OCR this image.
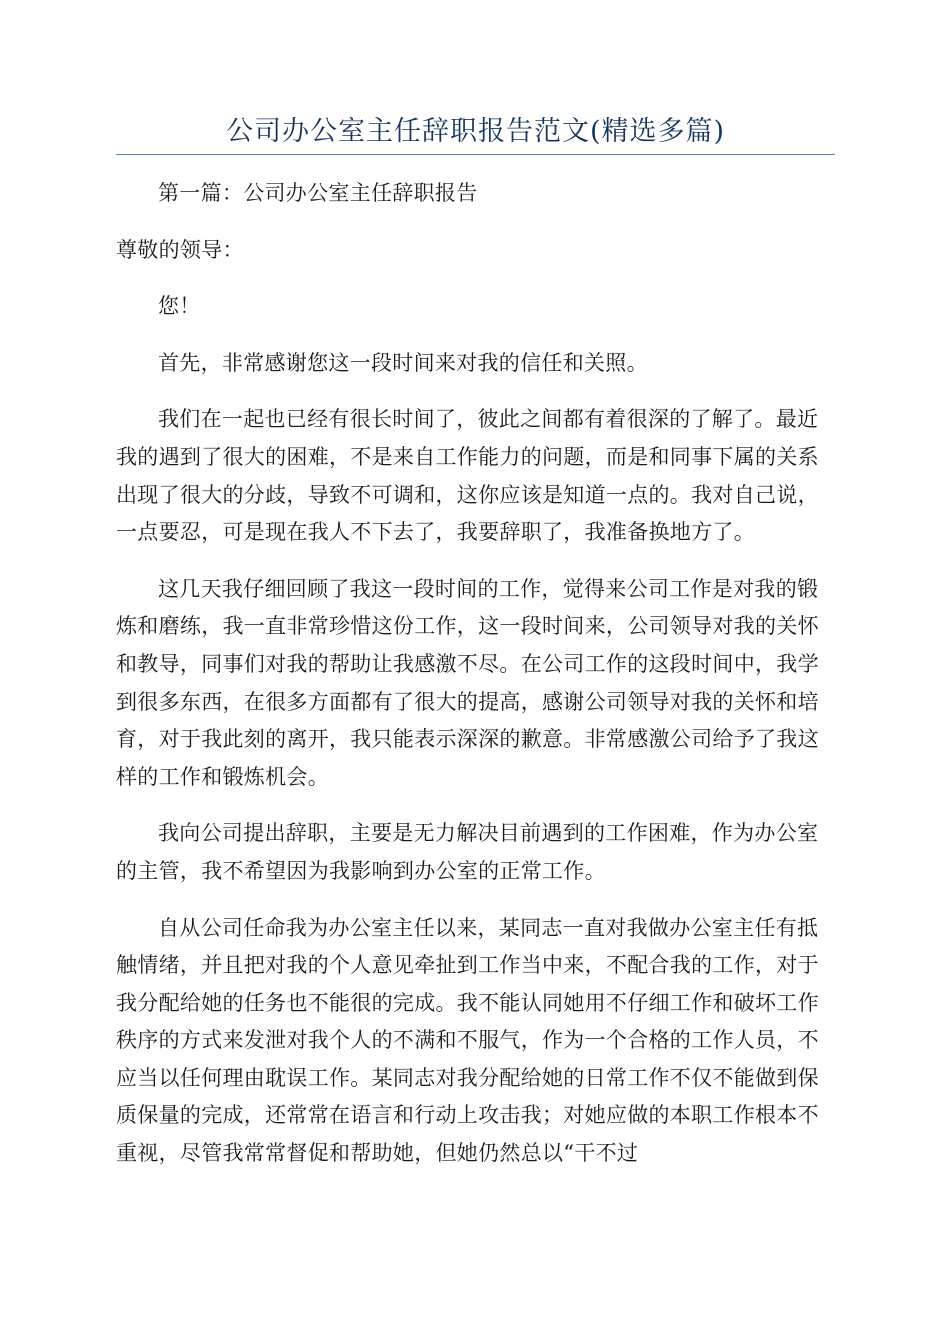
公司办公室主任辞职报告范文(精选多篇)

第一篇：公司办公室主任辞职报告

尊敬的领导：

您！

首先，非常感谢您这一段时间来对我的信任和关照。

我们在一起也已经有很长时间了，彼此之间都有着很深的了解了。最近我的遇到了很大的困难，不是来自工作能力的问题，而是和同事下属的关系出现了很大的分歧，导致不可调和，这你应该是知道一点的。我对自己说，一点要忍，可是现在我人不下去了，我要辞职了，我准备换地方了。

这几天我仔细回顾了我这一段时间的工作，觉得来公司工作是对我的锻炼和磨练，我一直非常珍惜这份工作，这一段时间来，公司领导对我的关怀和教导，同事们对我的帮助让我感激不尽。在公司工作的这段时间中，我学到很多东西，在很多方面都有了很大的提高，感谢公司领导对我的关怀和培育，对于我此刻的离开，我只能表示深深的歉意。非常感激公司给予了我这样的工作和锻炼机会。

我向公司提出辞职，主要是无力解决目前遇到的工作困难，作为办公室的主管，我不希望因为我影响到办公室的正常工作。

自从公司任命我为办公室主任以来，某同志一直对我做办公室主任有抵触情绪，并且把对我的个人意见牵扯到工作当中来，不配合我的工作，对于我分配给她的任务也不能很的完成。我不能认同她用不仔细工作和破坏工作秩序的方式来发泄对我个人的不满和不服气，作为一个合格的工作人员，不应当以任何理由耽误工作。某同志对我分配给她的日常工作不仅不能做到保质保量的完成，还常常在语言和行动上攻击我；对她应做的本职工作根本不重视，尽管我常常督促和帮助她，但她仍然总以“干不过
